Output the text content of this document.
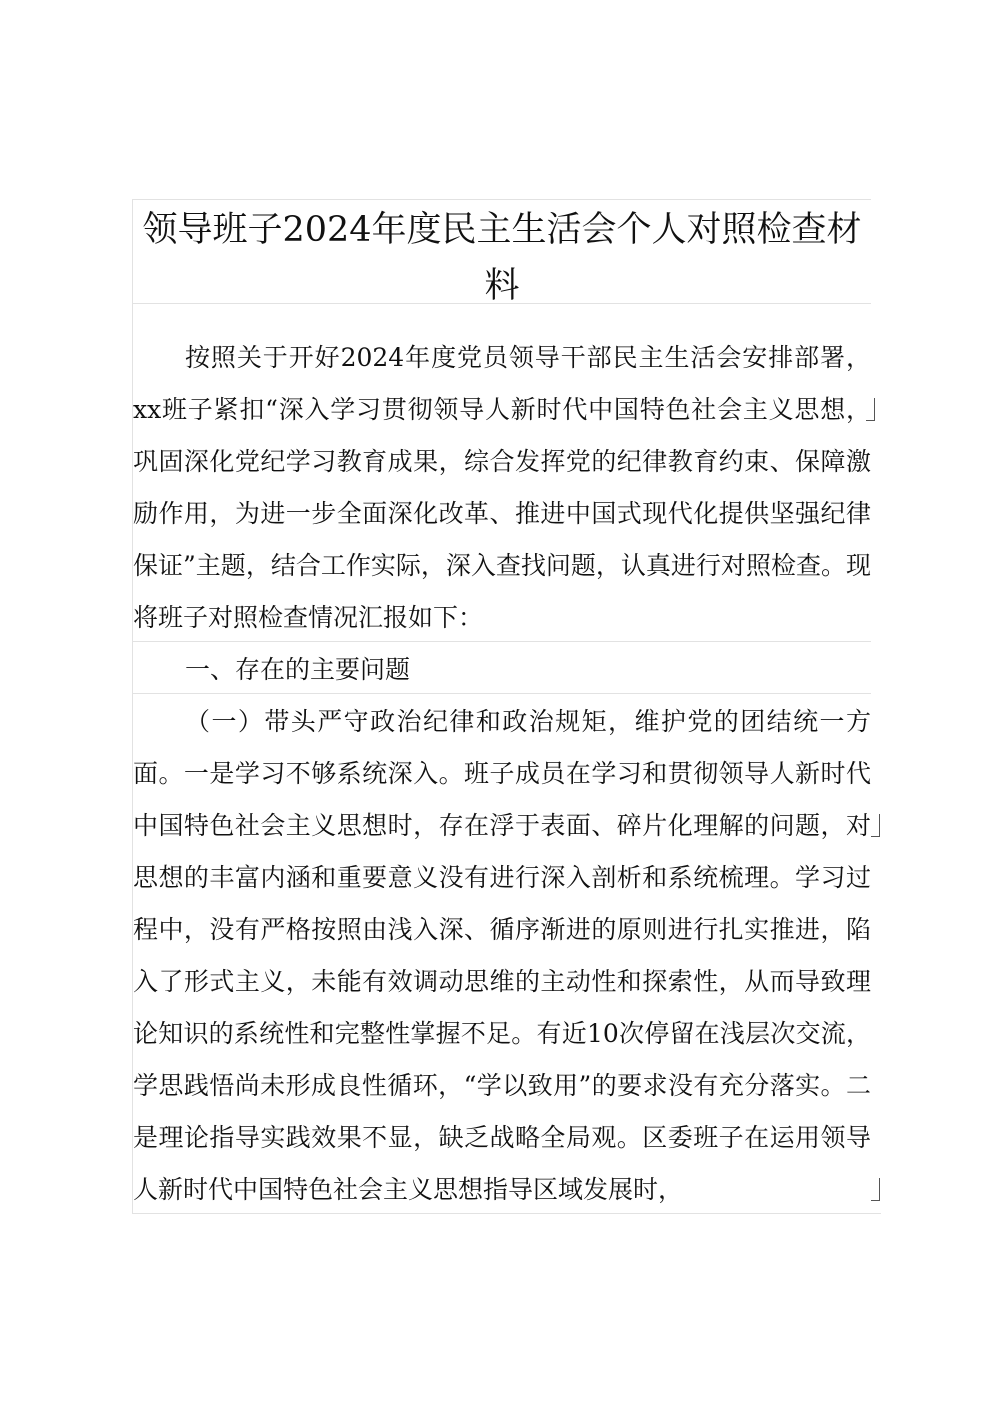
领导班子2024年度民主生活会个人对照检查材料

按照关于开好2024年度党员领导干部民主生活会安排部署，xx班子紧扣“深入学习贯彻领导人新时代中国特色社会主义思想，巩固深化党纪学习教育成果，综合发挥党的纪律教育约束、保障激励作用，为进一步全面深化改革、推进中国式现代化提供坚强纪律保证”主题，结合工作实际，深入查找问题，认真进行对照检查。现将班子对照检查情况汇报如下：

一、存在的主要问题

（一）带头严守政治纪律和政治规矩，维护党的团结统一方面。一是学习不够系统深入。班子成员在学习和贯彻领导人新时代中国特色社会主义思想时，存在浮于表面、碎片化理解的问题，对思想的丰富内涵和重要意义没有进行深入剖析和系统梳理。学习过程中，没有严格按照由浅入深、循序渐进的原则进行扎实推进，陷入了形式主义，未能有效调动思维的主动性和探索性，从而导致理论知识的系统性和完整性掌握不足。有近10次停留在浅层次交流，学思践悟尚未形成良性循环，“学以致用”的要求没有充分落实。二是理论指导实践效果不显，缺乏战略全局观。区委班子在运用领导人新时代中国特色社会主义思想指导区域发展时，
